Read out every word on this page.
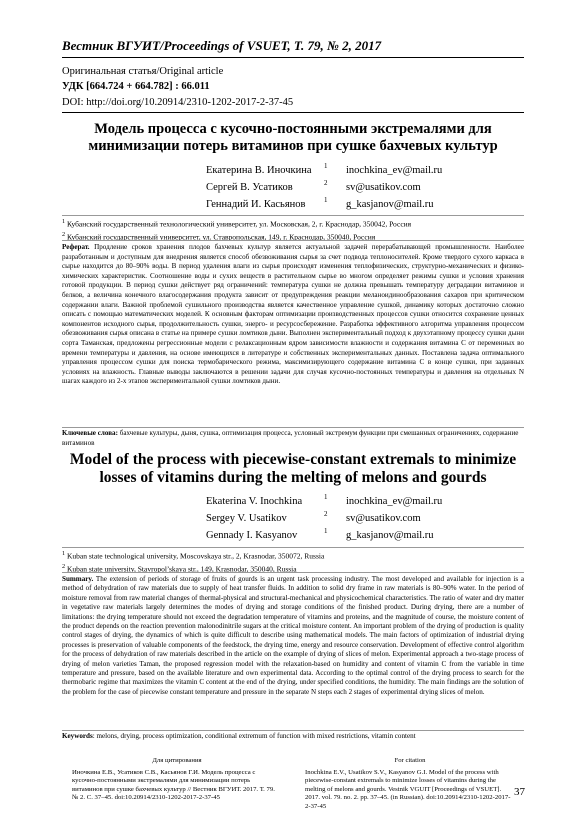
Вестник ВГУИТ/Proceedings of VSUET, Т. 79, № 2, 2017
Оригинальная статья/Original article
УДК [664.724 + 664.782] : 66.011
DOI: http://doi.org/10.20914/2310-1202-2017-2-37-45
Модель процесса с кусочно-постоянными экстремалями для минимизации потерь витаминов при сушке бахчевых культур
Екатерина В. Иночкина 1 inochkina_ev@mail.ru
Сергей В. Усатиков	2 sv@usatikov.com
Геннадий И. Касьянов	1 g_kasjanov@mail.ru
$^1$ Кубанский государственный технологический университет, ул. Московская, 2, г. Краснодар, 350042, Россия
$^2$ Кубанский государственный университет, ул. Ставропольская, 149, г. Краснодар, 350040, Россия
Реферат. Продление сроков хранения плодов бахчевых культур является актуальной задачей перерабатывающей промышленности. Наиболее разработанным и доступным для внедрения является способ обезвоживания сырья за счет подвода теплоносителей. Кроме твердого сухого каркаса в сырье находится до 80–90% воды. В период удаления влаги из сырья происходят изменения теплофизических, структурно-механических и физико-химических характеристик. Соотношение воды и сухих веществ в растительном сырье во многом определяет режимы сушки и условия хранения готовой продукции. В период сушки действует ряд ограничений: температура сушки не должна превышать температуру деградации витаминов и белков, а величина конечного влагосодержания продукта зависит от предупреждения реакции меланоидинообразования сахаров при критическом содержании влаги. Важной проблемой сушильного производства является качественное управление сушкой, динамику которых достаточно сложно описать с помощью математических моделей. К основным факторам оптимизации производственных процессов сушки относится сохранение ценных компонентов исходного сырья, продолжительность сушки, энерго- и ресурсосбережение. Разработка эффективного алгоритма управления процессом обезвоживания сырья описана в статье на примере сушки ломтиков дыни. Выполнен экспериментальный подход к двухэтапному процессу сушки дыни сорта Таманская, предложены регрессионные модели с релаксационным ядром зависимости влажности и содержания витамина С от переменных во времени температуры и давления, на основе имеющихся в литературе и собственных экспериментальных данных. Поставлена задача оптимального управления процессом сушки для поиска термобарического режима, максимизирующего содержание витамина С в конце сушки, при заданных условиях на влажность. Главные выводы заключаются в решении задачи для случая кусочно-постоянных температуры и давления на отдельных N шагах каждого из 2-х этапов экспериментальной сушки ломтиков дыни.
Ключевые слова: бахчевые культуры, дыня, сушка, оптимизация процесса, условный экстремум функции при смешанных ограничениях, содержание витаминов
Model of the process with piecewise-constant extremals to minimize losses of vitamins during the melting of melons and gourds
Ekaterina V. Inochkina	1 inochkina_ev@mail.ru
Sergey V. Usatikov	2 sv@usatikov.com
Gennady I. Kasyanov	1 g_kasjanov@mail.ru
$^1$ Kuban state technological university, Moscovskaya str., 2, Krasnodar, 350072, Russia
$^2$ Kuban state university, Stavropol’skaya str., 149, Krasnodar, 350040, Russia
Summary. The extension of periods of storage of fruits of gourds is an urgent task processing industry. The most developed and available for injection is a method of dehydration of raw materials due to supply of heat transfer fluids. In addition to solid dry frame in raw materials is 80–90% water. In the period of moisture removal from raw material changes of thermal-physical and structural-mechanical and physicochemical characteristics. The ratio of water and dry matter in vegetative raw materials largely determines the modes of drying and storage conditions of the finished product. During drying, there are a number of limitations: the drying temperature should not exceed the degradation temperature of vitamins and proteins, and the magnitude of course, the moisture content of the product depends on the reaction prevention malonodinitrile sugars at the critical moisture content. An important problem of the drying of production is quality control stages of drying, the dynamics of which is quite difficult to describe using mathematical models. The main factors of optimization of industrial drying processes is preservation of valuable components of the feedstock, the drying time, energy and resource conservation. Development of effective control algorithm for the process of dehydration of raw materials described in the article on the example of drying of slices of melon. Experimental approach a two-stage process of drying of melon varieties Taman, the proposed regression model with the relaxation-based on humidity and content of vitamin C from the variable in time temperature and pressure, based on the available literature and own experimental data. According to the optimal control of the drying process to search for the thermobaric regime that maximizes the vitamin C content at the end of the drying, under specified conditions, the humidity. The main findings are the solution of the problem for the case of piecewise constant temperature and pressure in the separate N steps each 2 stages of experimental drying slices of melon.
Keywords: melons, drying, process optimization, conditional extremum of function with mixed restrictions, vitamin content
Для цитирования
Иночкина Е.В., Усатиков С.В., Касьянов Г.И. Модель процесса с кусочно-постоянными экстремалями для минимизации потерь витаминов при сушке бахчевых культур // Вестник ВГУИТ. 2017. Т. 79. № 2. С. 37–45. doi:10.20914/2310-1202-2017-2-37-45
For citation
Inochkina E.V., Usatikov S.V., Kasyanov G.I. Model of the process with piecewise-constant extremals to minimize losses of vitamins during the melting of melons and gourds. Vestnik VGUIT [Proceedings of VSUET]. 2017. vol. 79. no. 2. pp. 37–45. (in Russian). doi:10.20914/2310-1202-2017-2-37-45
37
